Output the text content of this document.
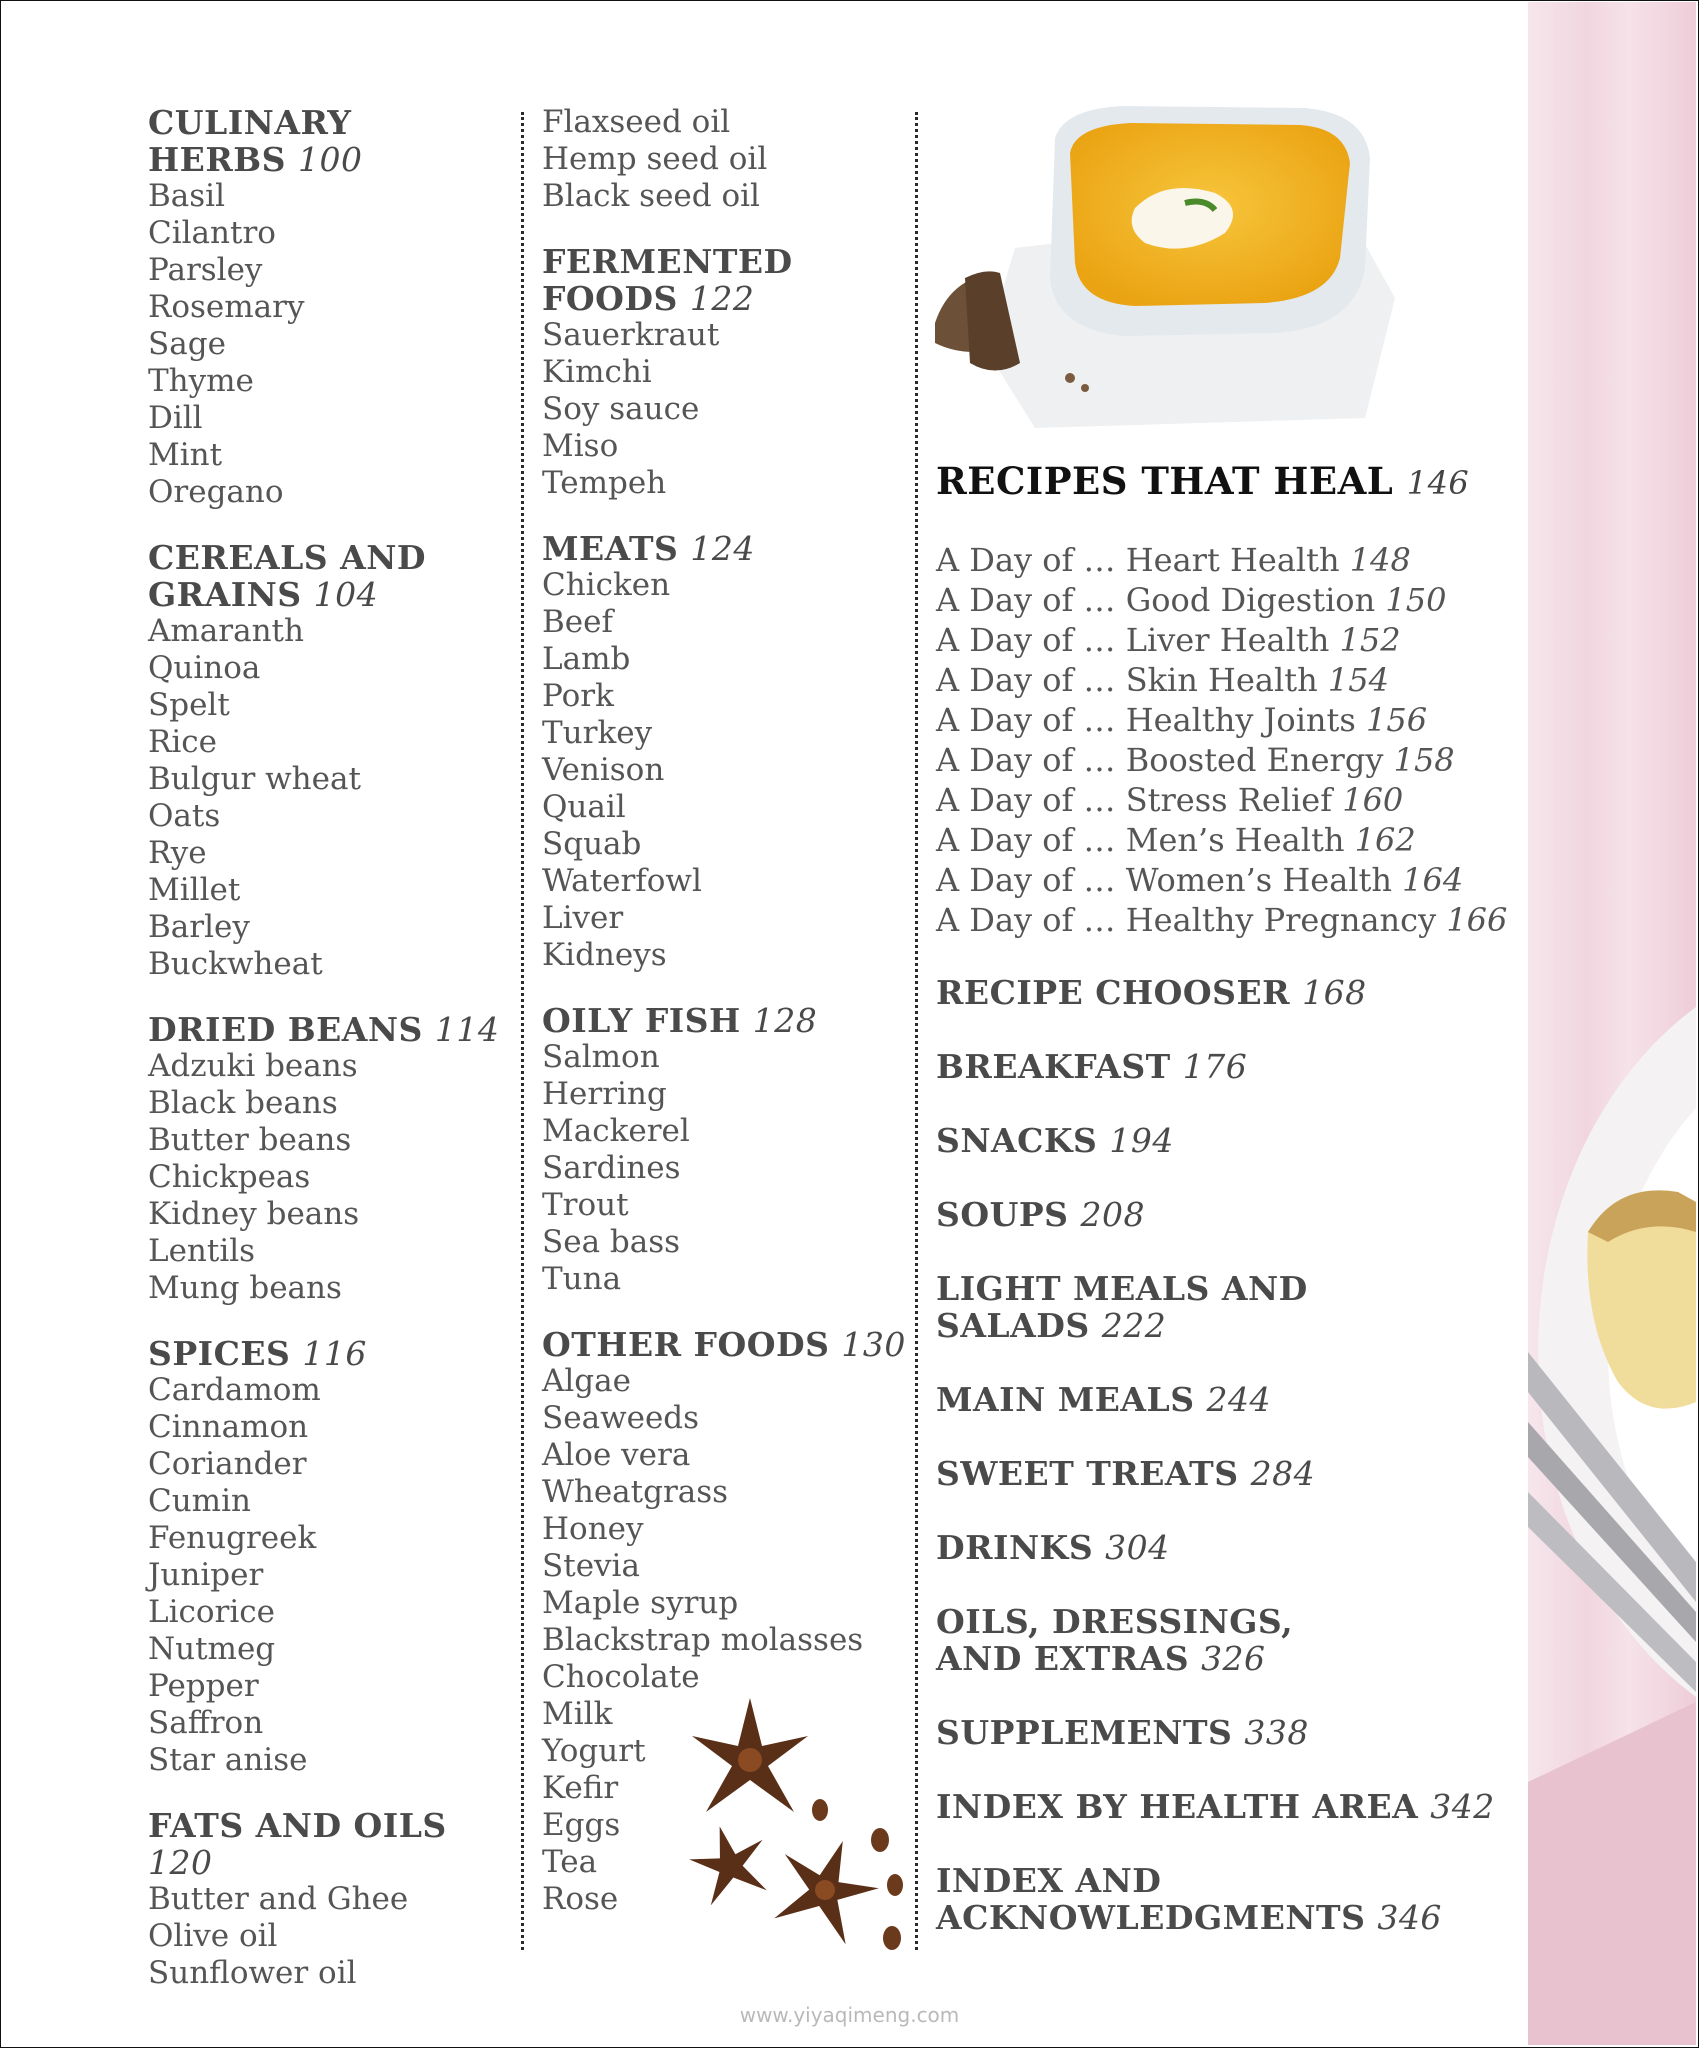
CULINARY
HERBS 100
Basil
Cilantro
Parsley
Rosemary
Sage
Thyme
Dill
Mint
Oregano
CEREALS AND
GRAINS 104
Amaranth
Quinoa
Spelt
Rice
Bulgur wheat
Oats
Rye
Millet
Barley
Buckwheat
DRIED BEANS 114
Adzuki beans
Black beans
Butter beans
Chickpeas
Kidney beans
Lentils
Mung beans
SPICES 116
Cardamom
Cinnamon
Coriander
Cumin
Fenugreek
Juniper
Licorice
Nutmeg
Pepper
Saffron
Star anise
FATS AND OILS 120
Butter and Ghee
Olive oil
Sunflower oil
Flaxseed oil
Hemp seed oil
Black seed oil
FERMENTED
FOODS 122
Sauerkraut
Kimchi
Soy sauce
Miso
Tempeh
MEATS 124
Chicken
Beef
Lamb
Pork
Turkey
Venison
Quail
Squab
Waterfowl
Liver
Kidneys
OILY FISH 128
Salmon
Herring
Mackerel
Sardines
Trout
Sea bass
Tuna
OTHER FOODS 130
Algae
Seaweeds
Aloe vera
Wheatgrass
Honey
Stevia
Maple syrup
Blackstrap molasses
Chocolate
Milk
Yogurt
Kefir
Eggs
Tea
Rose
RECIPES THAT HEAL 146
A Day of … Heart Health 148
A Day of … Good Digestion 150
A Day of … Liver Health 152
A Day of … Skin Health 154
A Day of … Healthy Joints 156
A Day of … Boosted Energy 158
A Day of … Stress Relief 160
A Day of … Men’s Health 162
A Day of … Women’s Health 164
A Day of … Healthy Pregnancy 166
RECIPE CHOOSER 168
BREAKFAST 176
SNACKS 194
SOUPS 208
LIGHT MEALS AND
SALADS 222
MAIN MEALS 244
SWEET TREATS 284
DRINKS 304
OILS, DRESSINGS,
AND EXTRAS 326
SUPPLEMENTS 338
INDEX BY HEALTH AREA 342
INDEX AND
ACKNOWLEDGMENTS 346
www.yiyaqimeng.com
